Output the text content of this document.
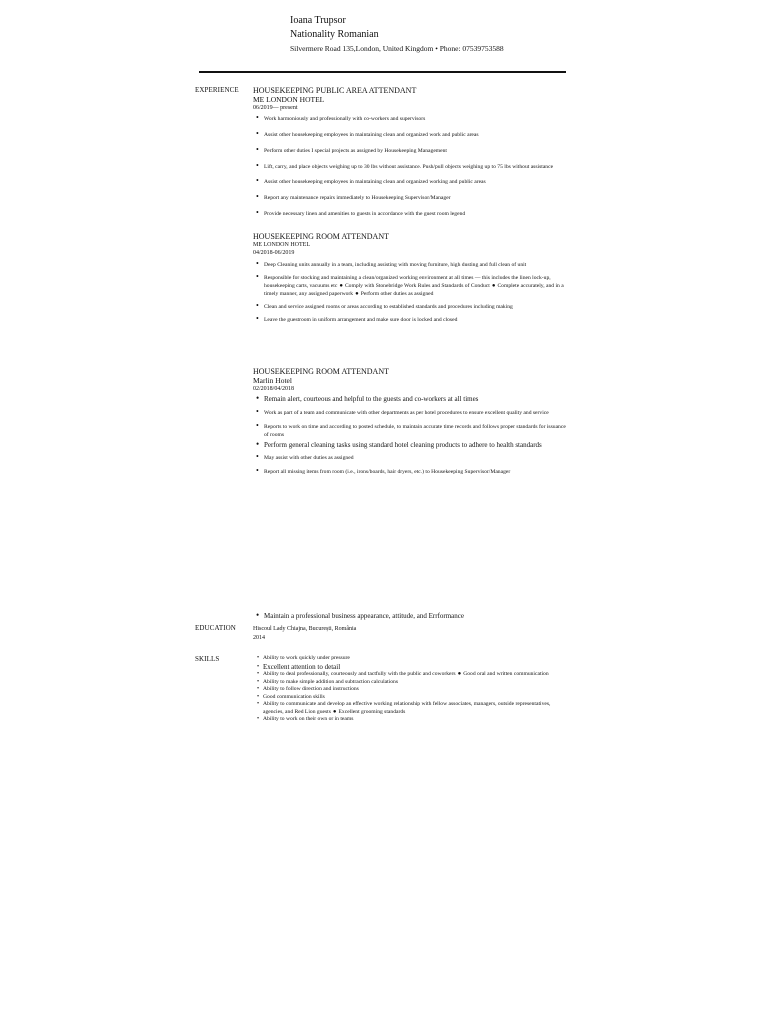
Ioana Trupsor
Nationality Romanian
Silvermere Road 135,London, United Kingdom • Phone: 07539753588
EXPERIENCE HOUSEKEEPING PUBLIC AREA ATTENDANT
ME LONDON HOTEL
06/2019— present
• Work harmoniously and professionally with co-workers and supervisors
• Assist other housekeeping employees in maintaining clean and organized work and public areas
• Perform other duties I special projects as assigned by Housekeeping Management
• Lift, carry, and place objects weighing up to 30 lbs without assistance. Push/pull objects weighing up to 75 lbs without assistance
• Assist other housekeeping employees in maintaining clean and organized working and public areas
• Report any maintenance repairs immediately to Housekeeping Supervisor/Manager
• Provide necessary linen and amenities to guests in accordance with the guest room legend
HOUSEKEEPING ROOM ATTENDANT
ME LONDON HOTEL
04/2018-06/2019
• Deep Cleaning units annually in a team, including assisting with moving furniture, high dusting and full clean of unit
• Responsible for stocking and maintaining a clean/organized working environment at all times — this includes the linen lock-up, housekeeping carts, vacuums etc ● Comply with Stonebridge Work Rules and Standards of Conduct ● Complete accurately, and in a timely manner, any assigned paperwork ● Perform other duties as assigned
• Clean and service assigned rooms or areas according to established standards and procedures including making
• Leave the guestroom in uniform arrangement and make sure door is locked and closed
HOUSEKEEPING ROOM ATTENDANT
Marlin Hotel
02/2018/04/2018
• Remain alert, courteous and helpful to the guests and co-workers at all times
• Work as part of a team and communicate with other departments as per hotel procedures to ensure excellent quality and service
• Reports to work on time and according to posted schedule, to maintain accurate time records and follows proper standards for issuance of rooms
• Perform general cleaning tasks using standard hotel cleaning products to adhere to health standards
• May assist with other duties as assigned
• Report all missing items from room (i.e., irons/boards, hair dryers, etc.) to Housekeeping Supervisor/Manager
• Maintain a professional business appearance, attitude, and Errformance
EDUCATION	Hiscoul Lady Chiajna, București, România
2014
SKILLS
•	Ability to work quickly under pressure
• Excellent attention to detail
• Ability to deal professionally, courteously and tactfully with the public and coworkers ● Good oral and written communication
• Ability to make simple addition and subtraction calculations
• Ability to follow direction and instructions
• Good communication skills
• Ability to communicate and develop an effective working relationship with fellow associates, managers, outside representatives, agencies, and Red Lion guests ● Excellent grooming standards
• Ability to work on their own or in teams
